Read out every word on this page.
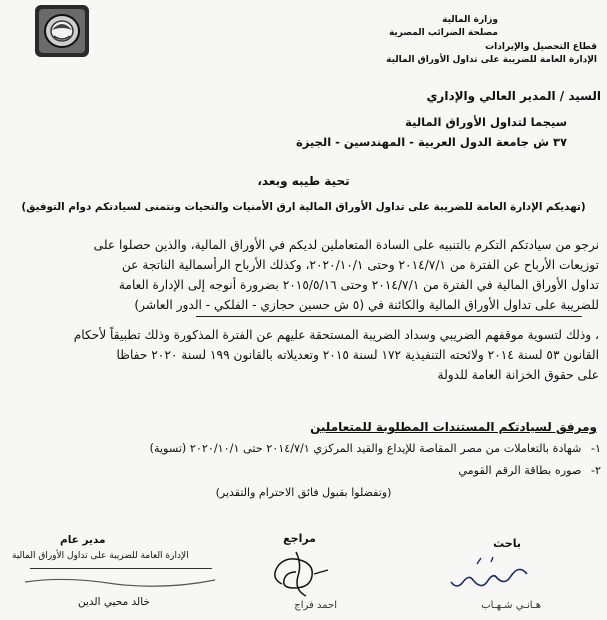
وزارة المالية
مصلحة الضرائب المصرية
قطاع التحصيل والإيرادات
الإدارة العامة للضريبة على تداول الأوراق المالية
السيد / المدير العالي والإداري
سيجما لتداول الأوراق المالية
٣٧ ش جامعة الدول العربية - المهندسين - الجيزة
تحية طيبه وبعد،
(تهديكم الإدارة العامة للضريبة على تداول الأوراق المالية ارق الأمنيات والتحيات ونتمنى لسيادتكم دوام التوفيق)
نرجو من سيادتكم التكرم بالتنبيه على السادة المتعاملين لديكم في الأوراق المالية، والذين حصلوا على
توزيعات الأرباح عن الفترة من ٢٠١٤/٧/١ وحتى ٢٠٢٠/١٠/١، وكذلك الأرباح الرأسمالية الناتجة عن
تداول الأوراق المالية في الفترة من ٢٠١٤/٧/١ وحتى ٢٠١٥/٥/١٦ بضرورة أنوجه إلى الإدارة العامة
للضريبة على تداول الأوراق المالية والكائنة في (٥ ش حسين حجازي - الفلكي - الدور العاشر)
، وذلك لتسوية موقفهم الضريبي وسداد الضريبة المستحقة عليهم عن الفترة المذكورة وذلك تطبيقاً لأحكام
القانون ٥٣ لسنة ٢٠١٤ ولائحته التنفيذية ١٧٢ لسنة ٢٠١٥ وتعديلاته بالقانون ١٩٩ لسنة ٢٠٢٠ حفاظا
على حقوق الخزانة العامة للدولة
ومرفق لسيادتكم المستندات المطلوبة للمتعاملين
١- شهادة بالتعاملات من مصر المقاصة للإيداع والقيد المركزي ٢٠١٤/٧/١ حتى ٢٠٢٠/١٠/١ (تسوية)
٢- صوره بطاقة الرقم القومي
(وتفضلوا بقبول فائق الاحترام والتقدير)
باحث
هـانـي شـهـاب
مراجع
احمد فراج
مدير عام
الإدارة العامة للضريبة على تداول الأوراق المالية
خالد محيي الدين
